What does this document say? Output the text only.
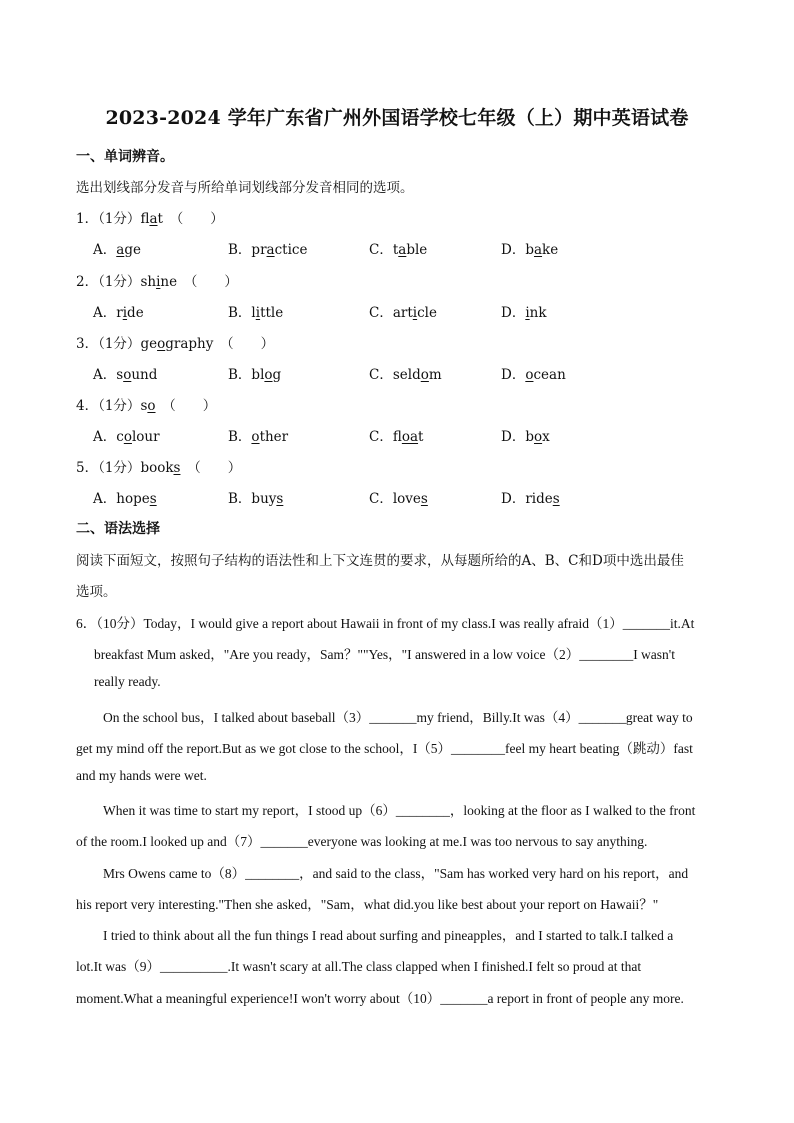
2023-2024 学年广东省广州外国语学校七年级（上）期中英语试卷
一、单词辨音。
选出划线部分发音与所给单词划线部分发音相同的选项。
1．（1分）flat　（　　）
A．age	B．practice	C．table	D．bake
2．（1分）shine　（　　）
A．ride	B．little	C．article	D．ink
3．（1分）geography　（　　）
A．sound	B．blog	C．seldom	D．ocean
4．（1分）so　（　　）
A．colour	B．other	C．float	D．box
5．（1分）books　（　　）
A．hopes	B．buys	C．loves	D．rides
二、语法选择
阅读下面短文，按照句子结构的语法性和上下文连贯的要求，从每题所给的A、B、C和D项中选出最佳
选项。
6．（10分）Today，I would give a report about Hawaii in front of my class.I was really afraid（1）_______it.At
breakfast Mum asked，"Are you ready，Sam？""Yes，"I answered in a low voice（2）________I wasn't
really ready.
On the school bus，I talked about baseball（3）_______my friend，Billy.It was（4）_______great way to
get my mind off the report.But as we got close to the school，I（5）________feel my heart beating（跳动）fast
and my hands were wet.
When it was time to start my report，I stood up（6）________，looking at the floor as I walked to the front
of the room.I looked up and（7）_______everyone was looking at me.I was too nervous to say anything.
Mrs Owens came to（8）________，and said to the class，"Sam has worked very hard on his report，and
his report very interesting."Then she asked，"Sam，what did.you like best about your report on Hawaii？"
I tried to think about all the fun things I read about surfing and pineapples，and I started to talk.I talked a
lot.It was（9）__________.It wasn't scary at all.The class clapped when I finished.I felt so proud at that
moment.What a meaningful experience!I won't worry about（10）_______a report in front of people any more.
